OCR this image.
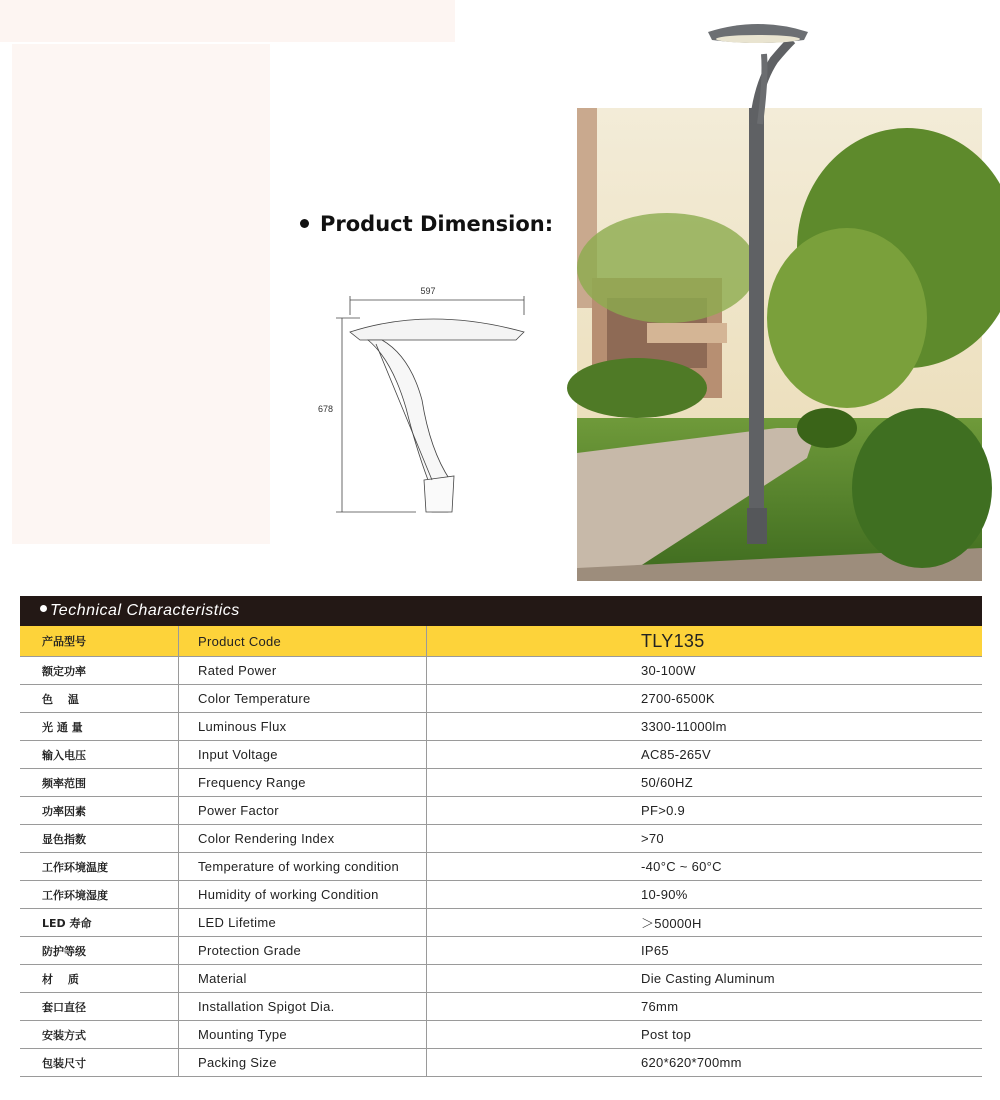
Product Dimension:
597
678
Technical Characteristics
产品型号	Product Code	TLY135
额定功率	Rated Power	30-100W
色　 温	Color Temperature	2700-6500K
光 通 量	Luminous Flux	3300-11000lm
输入电压	Input Voltage	AC85-265V
频率范围	Frequency Range	50/60HZ
功率因素	Power Factor	PF>0.9
显色指数	Color Rendering Index	>70
工作环境温度	Temperature of working condition	-40°C ~ 60°C
工作环境湿度	Humidity of working Condition	10-90%
LED 寿命	LED Lifetime	＞50000H
防护等级	Protection Grade	IP65
材　 质	Material	Die Casting Aluminum
套口直径	Installation Spigot Dia.	76mm
安装方式	Mounting Type	Post top
包装尺寸	Packing Size	620*620*700mm
